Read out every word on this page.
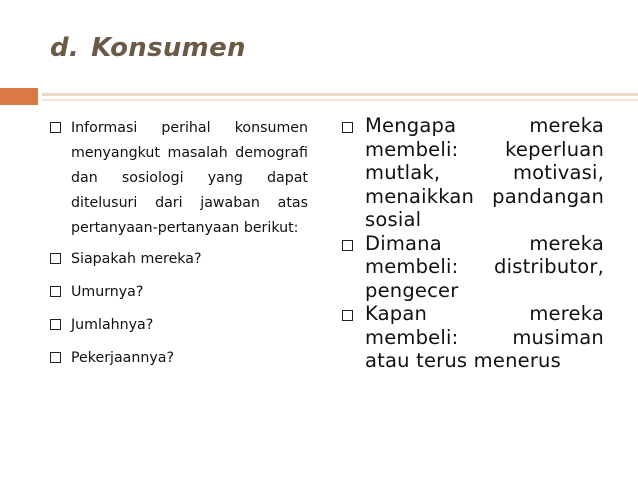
d. Konsumen
Informasi perihal konsumen menyangkut masalah demografi dan sosiologi yang dapat ditelusuri dari jawaban atas pertanyaan-pertanyaan berikut:
Siapakah mereka?
Umurnya?
Jumlahnya?
Pekerjaannya?
Mengapa mereka membeli: keperluan mutlak, motivasi, menaikkan pandangan sosial
Dimana mereka membeli: distributor, pengecer
Kapan mereka membeli: musiman atau terus menerus
